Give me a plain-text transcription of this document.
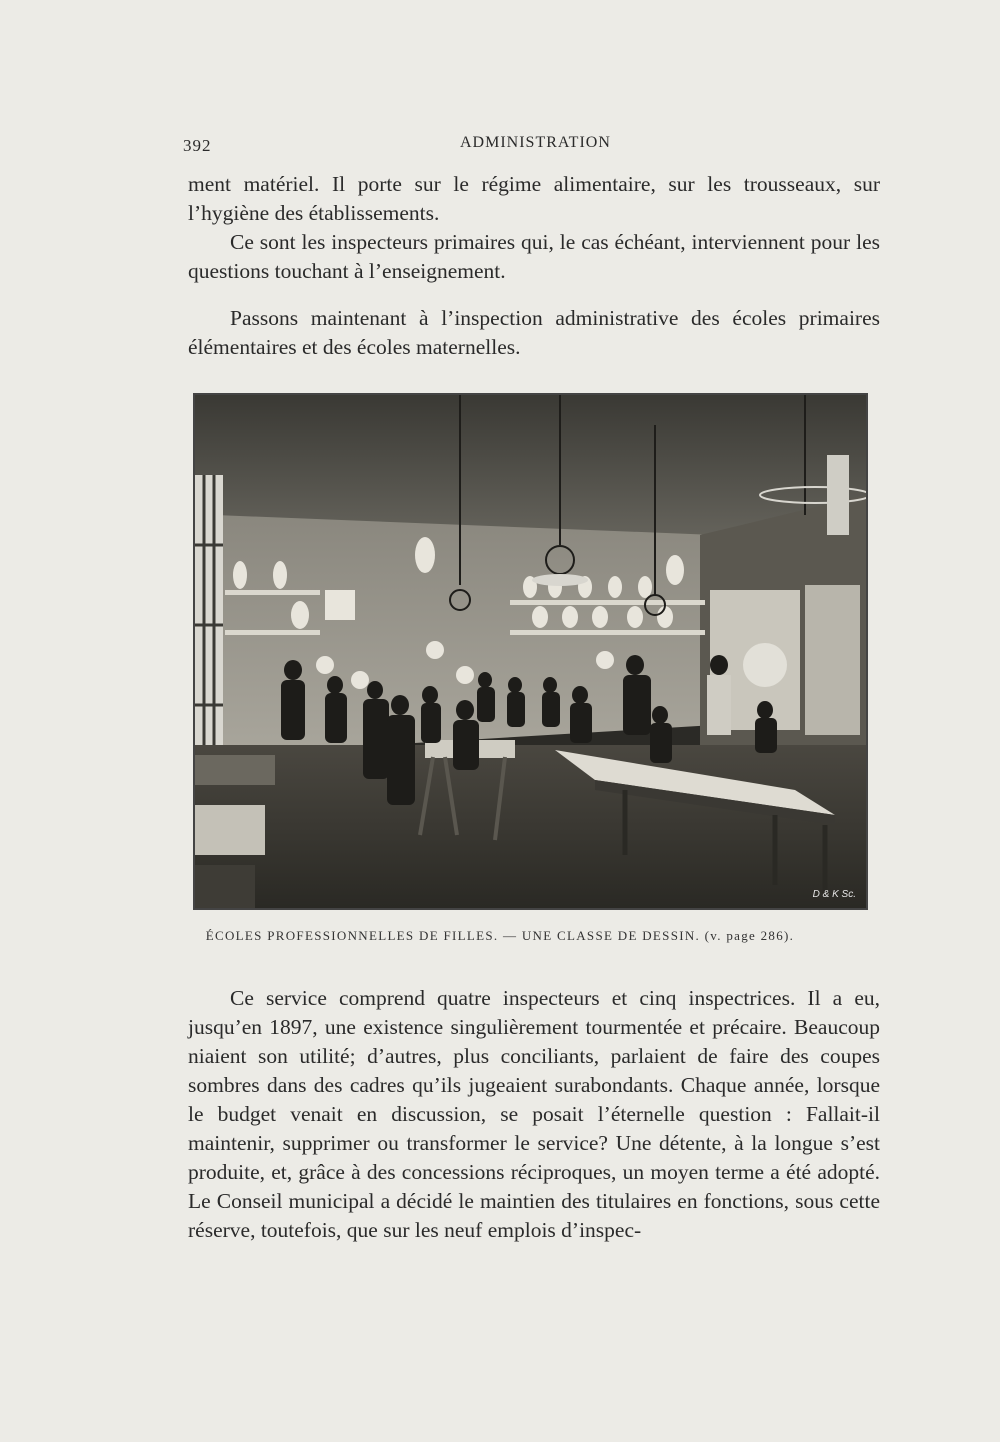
392	ADMINISTRATION

ment matériel. Il porte sur le régime alimentaire, sur les trousseaux, sur l’hygiène des établissements.

Ce sont les inspecteurs primaires qui, le cas échéant, interviennent pour les questions touchant à l’enseignement.

Passons maintenant à l’inspection administrative des écoles primaires élémentaires et des écoles maternelles.

D & K Sc.
ÉCOLES PROFESSIONNELLES DE FILLES. — UNE CLASSE DE DESSIN. (v. page 286).

Ce service comprend quatre inspecteurs et cinq inspectrices. Il a eu, jusqu’en 1897, une existence singulièrement tourmentée et précaire. Beaucoup niaient son utilité; d’autres, plus conciliants, parlaient de faire des coupes sombres dans des cadres qu’ils jugeaient surabondants. Chaque année, lorsque le budget venait en discussion, se posait l’éternelle question : Fallait-il maintenir, supprimer ou transformer le service? Une détente, à la longue s’est produite, et, grâce à des concessions réciproques, un moyen terme a été adopté. Le Conseil municipal a décidé le maintien des titulaires en fonctions, sous cette réserve, toutefois, que sur les neuf emplois d’inspec-
